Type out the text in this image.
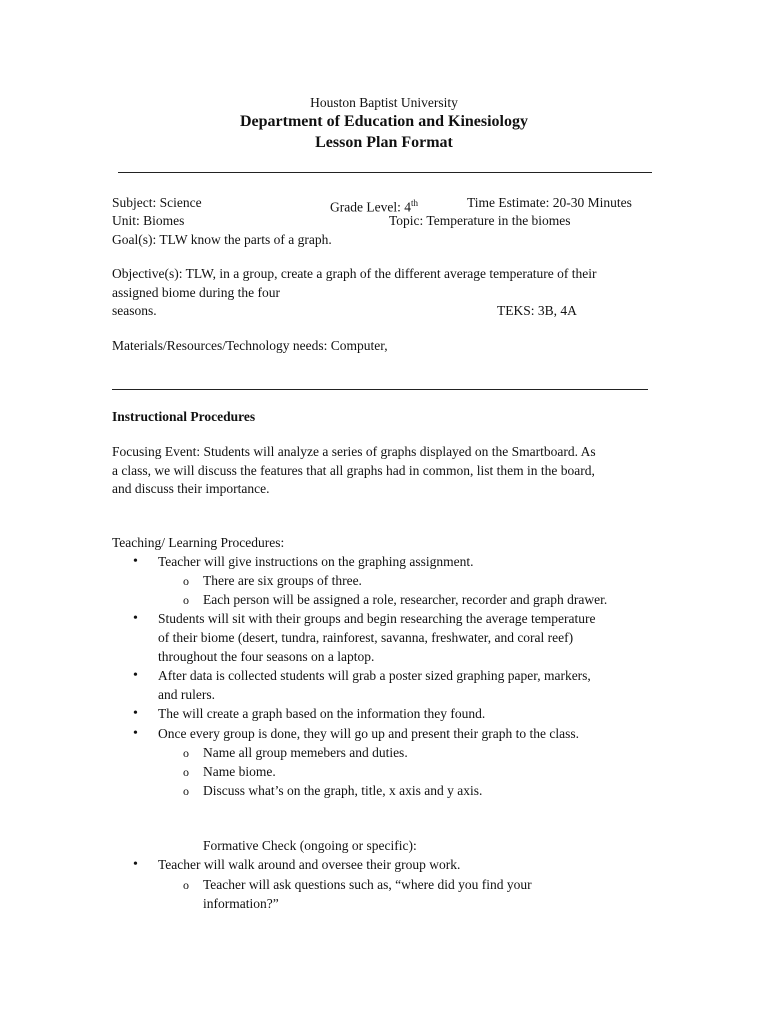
Houston Baptist University
Department of Education and Kinesiology
Lesson Plan Format
Subject: Science	Grade Level: 4th	Time Estimate: 20-30 Minutes
Unit: Biomes	Topic: Temperature in the biomes
Goal(s): TLW know the parts of a graph.
Objective(s): TLW, in a group, create a graph of the different average temperature of their
assigned biome during the four
seasons.	TEKS: 3B, 4A
Materials/Resources/Technology needs: Computer,
Instructional Procedures
Focusing Event: Students will analyze a series of graphs displayed on the Smartboard. As
a class, we will discuss the features that all graphs had in common, list them in the board,
and discuss their importance.
Teaching/ Learning Procedures:
• Teacher will give instructions on the graphing assignment.
o There are six groups of three.
o Each person will be assigned a role, researcher, recorder and graph drawer.
• Students will sit with their groups and begin researching the average temperature
of their biome (desert, tundra, rainforest, savanna, freshwater, and coral reef)
throughout the four seasons on a laptop.
• After data is collected students will grab a poster sized graphing paper, markers,
and rulers.
• The will create a graph based on the information they found.
• Once every group is done, they will go up and present their graph to the class.
o Name all group memebers and duties.
o Name biome.
o Discuss what’s on the graph, title, x axis and y axis.
Formative Check (ongoing or specific):
• Teacher will walk around and oversee their group work.
o Teacher will ask questions such as, “where did you find your
information?”
